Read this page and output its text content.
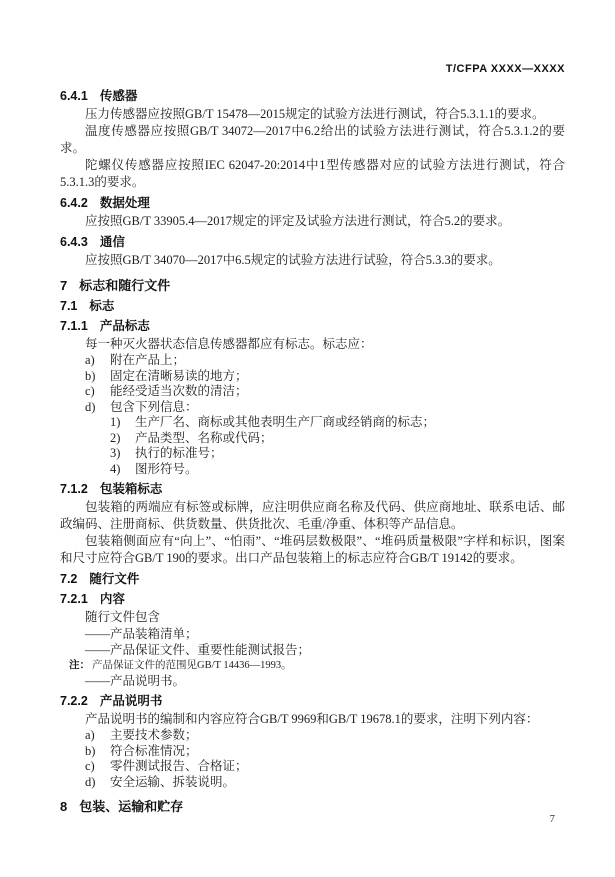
T/CFPA XXXX—XXXX
6.4.1 传感器
压力传感器应按照GB/T 15478—2015规定的试验方法进行测试，符合5.3.1.1的要求。
温度传感器应按照GB/T 34072—2017中6.2给出的试验方法进行测试，符合5.3.1.2的要求。
陀螺仪传感器应按照IEC 62047-20:2014中1型传感器对应的试验方法进行测试，符合5.3.1.3的要求。
6.4.2 数据处理
应按照GB/T 33905.4—2017规定的评定及试验方法进行测试，符合5.2的要求。
6.4.3 通信
应按照GB/T 34070—2017中6.5规定的试验方法进行试验，符合5.3.3的要求。
7 标志和随行文件
7.1 标志
7.1.1 产品标志
每一种灭火器状态信息传感器都应有标志。标志应：
a) 附在产品上；
b) 固定在清晰易读的地方；
c) 能经受适当次数的清洁；
d) 包含下列信息：
1) 生产厂名、商标或其他表明生产厂商或经销商的标志；
2) 产品类型、名称或代码；
3) 执行的标准号；
4) 图形符号。
7.1.2 包装箱标志
包装箱的两端应有标签或标牌，应注明供应商名称及代码、供应商地址、联系电话、邮政编码、注册商标、供货数量、供货批次、毛重/净重、体积等产品信息。
包装箱侧面应有“向上”、“怕雨”、“堆码层数极限”、“堆码质量极限”字样和标识，图案和尺寸应符合GB/T 190的要求。出口产品包装箱上的标志应符合GB/T 19142的要求。
7.2 随行文件
7.2.1 内容
随行文件包含
——产品装箱清单；
——产品保证文件、重要性能测试报告；
注： 产品保证文件的范围见GB/T 14436—1993。
——产品说明书。
7.2.2 产品说明书
产品说明书的编制和内容应符合GB/T 9969和GB/T 19678.1的要求，注明下列内容：
a) 主要技术参数；
b) 符合标准情况；
c) 零件测试报告、合格证；
d) 安全运输、拆装说明。
8 包装、运输和贮存
7
